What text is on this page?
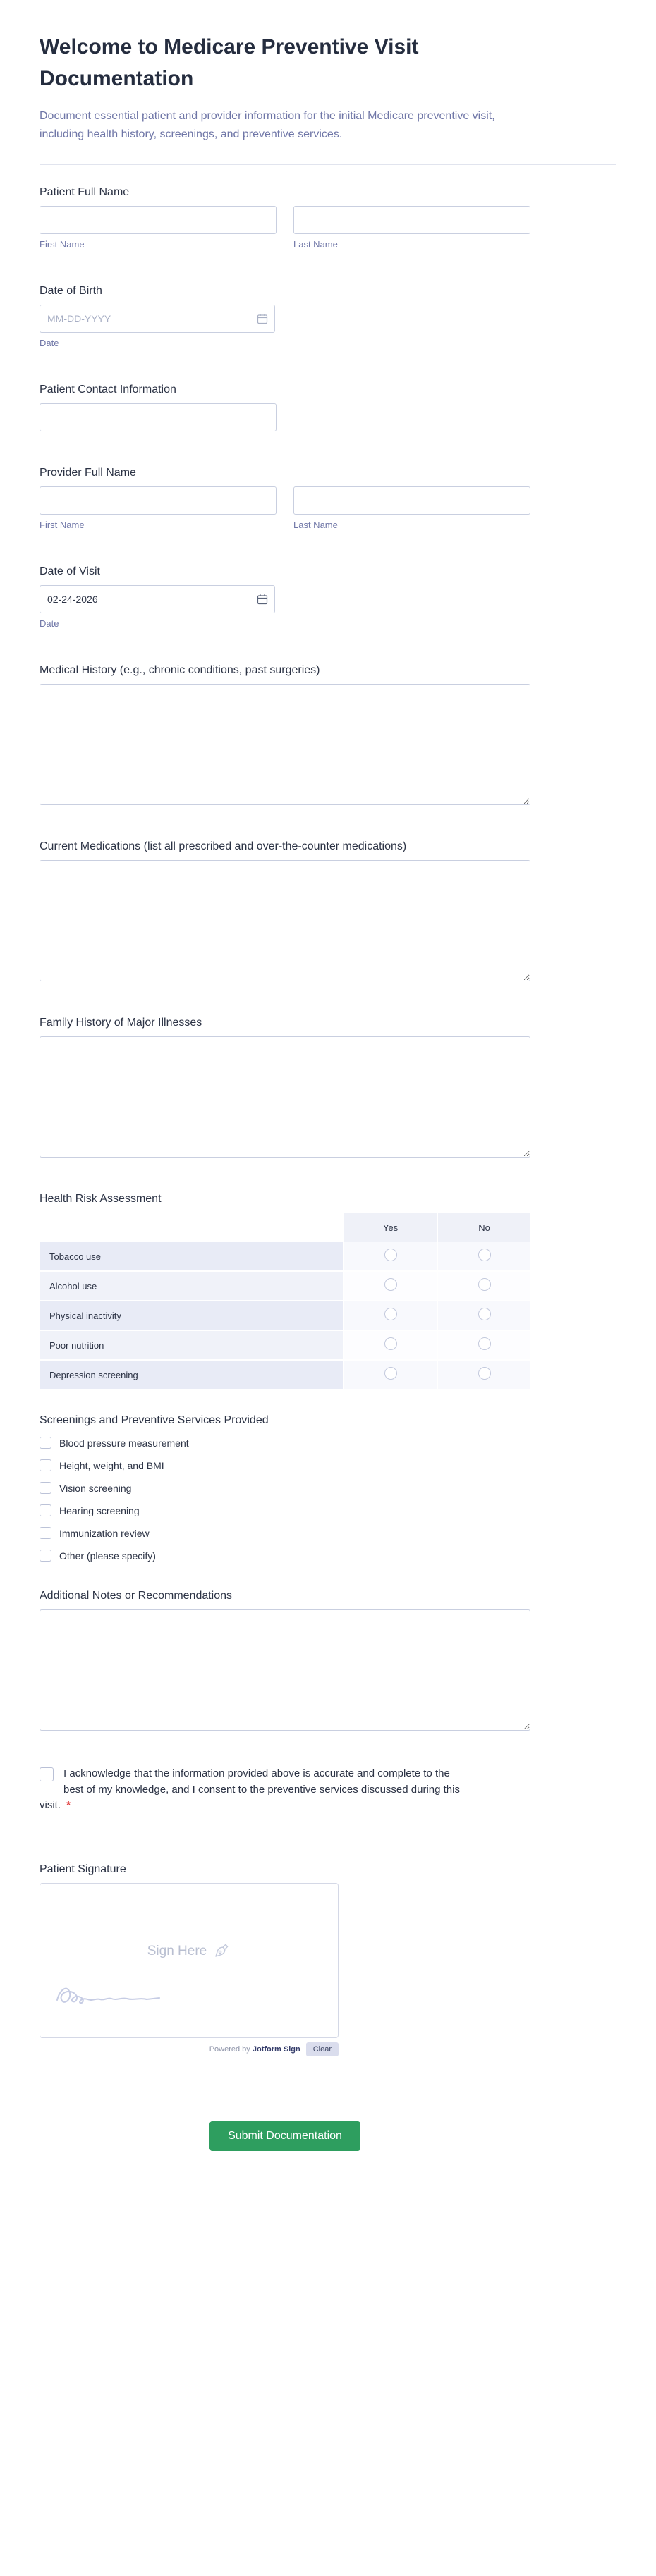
Welcome to Medicare Preventive Visit Documentation

Document essential patient and provider information for the initial Medicare preventive visit, including health history, screenings, and preventive services.

Patient Full Name
First Name	Last Name
Date of Birth
MM-DD-YYYY
Date
Patient Contact Information
Provider Full Name
First Name	Last Name
Date of Visit
02-24-2026
Date
Medical History (e.g., chronic conditions, past surgeries)
Current Medications (list all prescribed and over-the-counter medications)
Family History of Major Illnesses
Health Risk Assessment
	Yes	No
Tobacco use		
Alcohol use		
Physical inactivity		
Poor nutrition		
Depression screening		
Screenings and Preventive Services Provided
Blood pressure measurement
Height, weight, and BMI
Vision screening
Hearing screening
Immunization review
Other (please specify)
Additional Notes or Recommendations
I acknowledge that the information provided above is accurate and complete to the best of my knowledge, and I consent to the preventive services discussed during this visit. *
Patient Signature
Sign Here
Powered by Jotform Sign	Clear
Submit Documentation
